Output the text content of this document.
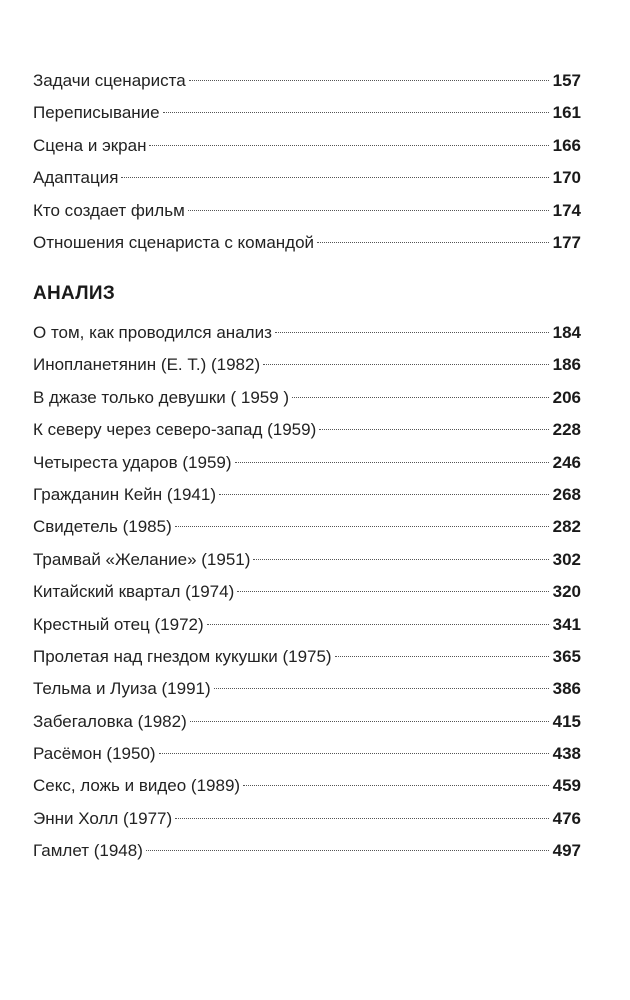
Задачи сценариста	157
Переписывание	161
Сцена и экран	166
Адаптация	170
Кто создает фильм	174
Отношения сценариста с командой	177
АНАЛИЗ
О том, как проводился анализ	184
Инопланетянин (Е. Т.) (1982)	186
В джазе только девушки ( 1959 )	206
К северу через северо-запад (1959)	228
Четыреста ударов (1959)	246
Гражданин Кейн (1941)	268
Свидетель (1985)	282
Трамвай «Желание» (1951)	302
Китайский квартал (1974)	320
Крестный отец (1972)	341
Пролетая над гнездом кукушки (1975)	365
Тельма и Луиза (1991)	386
Забегаловка (1982)	415
Расёмон (1950)	438
Секс, ложь и видео (1989)	459
Энни Холл (1977)	476
Гамлет (1948)	497
